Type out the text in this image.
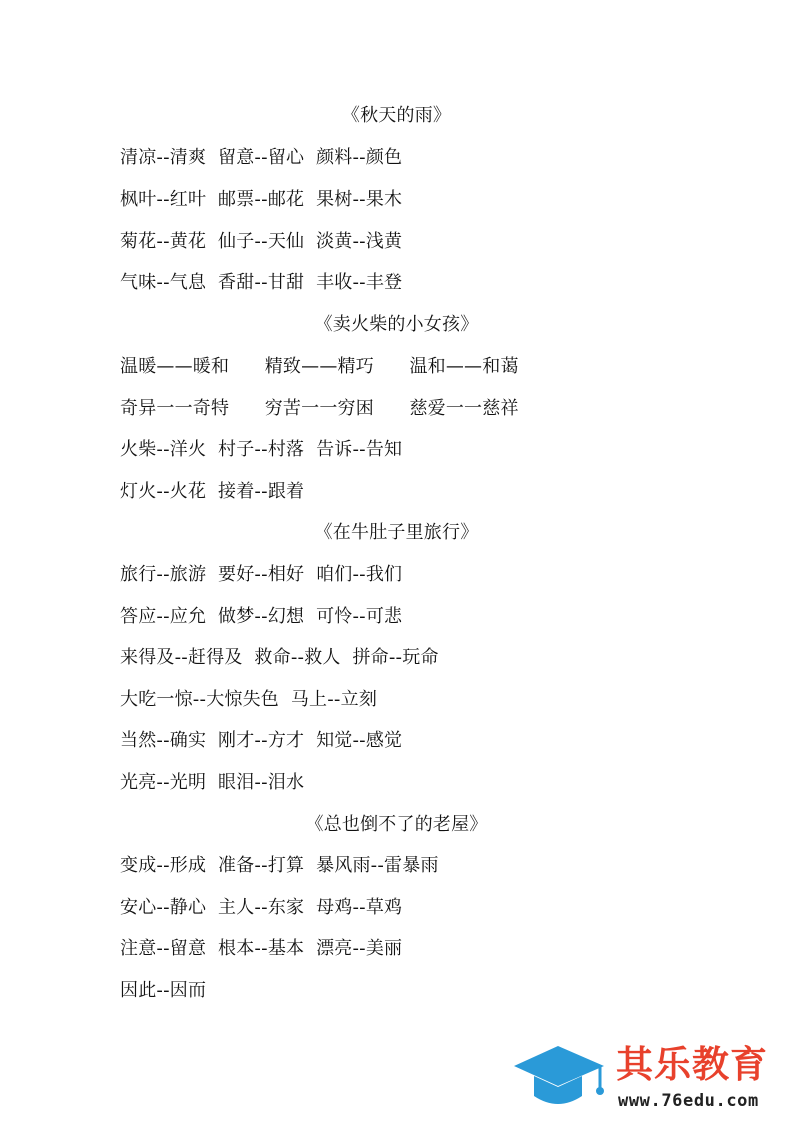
《秋天的雨》
清凉--清爽  留意--留心  颜料--颜色
枫叶--红叶  邮票--邮花  果树--果木
菊花--黄花  仙子--天仙  淡黄--浅黄
气味--气息  香甜--甘甜  丰收--丰登
《卖火柴的小女孩》
温暖——暖和      精致——精巧      温和——和蔼
奇异一一奇特      穷苦一一穷困      慈爱一一慈祥
火柴--洋火  村子--村落  告诉--告知
灯火--火花  接着--跟着
《在牛肚子里旅行》
旅行--旅游  要好--相好  咱们--我们
答应--应允  做梦--幻想  可怜--可悲
来得及--赶得及  救命--救人  拼命--玩命
大吃一惊--大惊失色  马上--立刻
当然--确实  刚才--方才  知觉--感觉
光亮--光明  眼泪--泪水
《总也倒不了的老屋》
变成--形成  准备--打算  暴风雨--雷暴雨
安心--静心  主人--东家  母鸡--草鸡
注意--留意  根本--基本  漂亮--美丽
因此--因而
其乐教育
www.76edu.com
